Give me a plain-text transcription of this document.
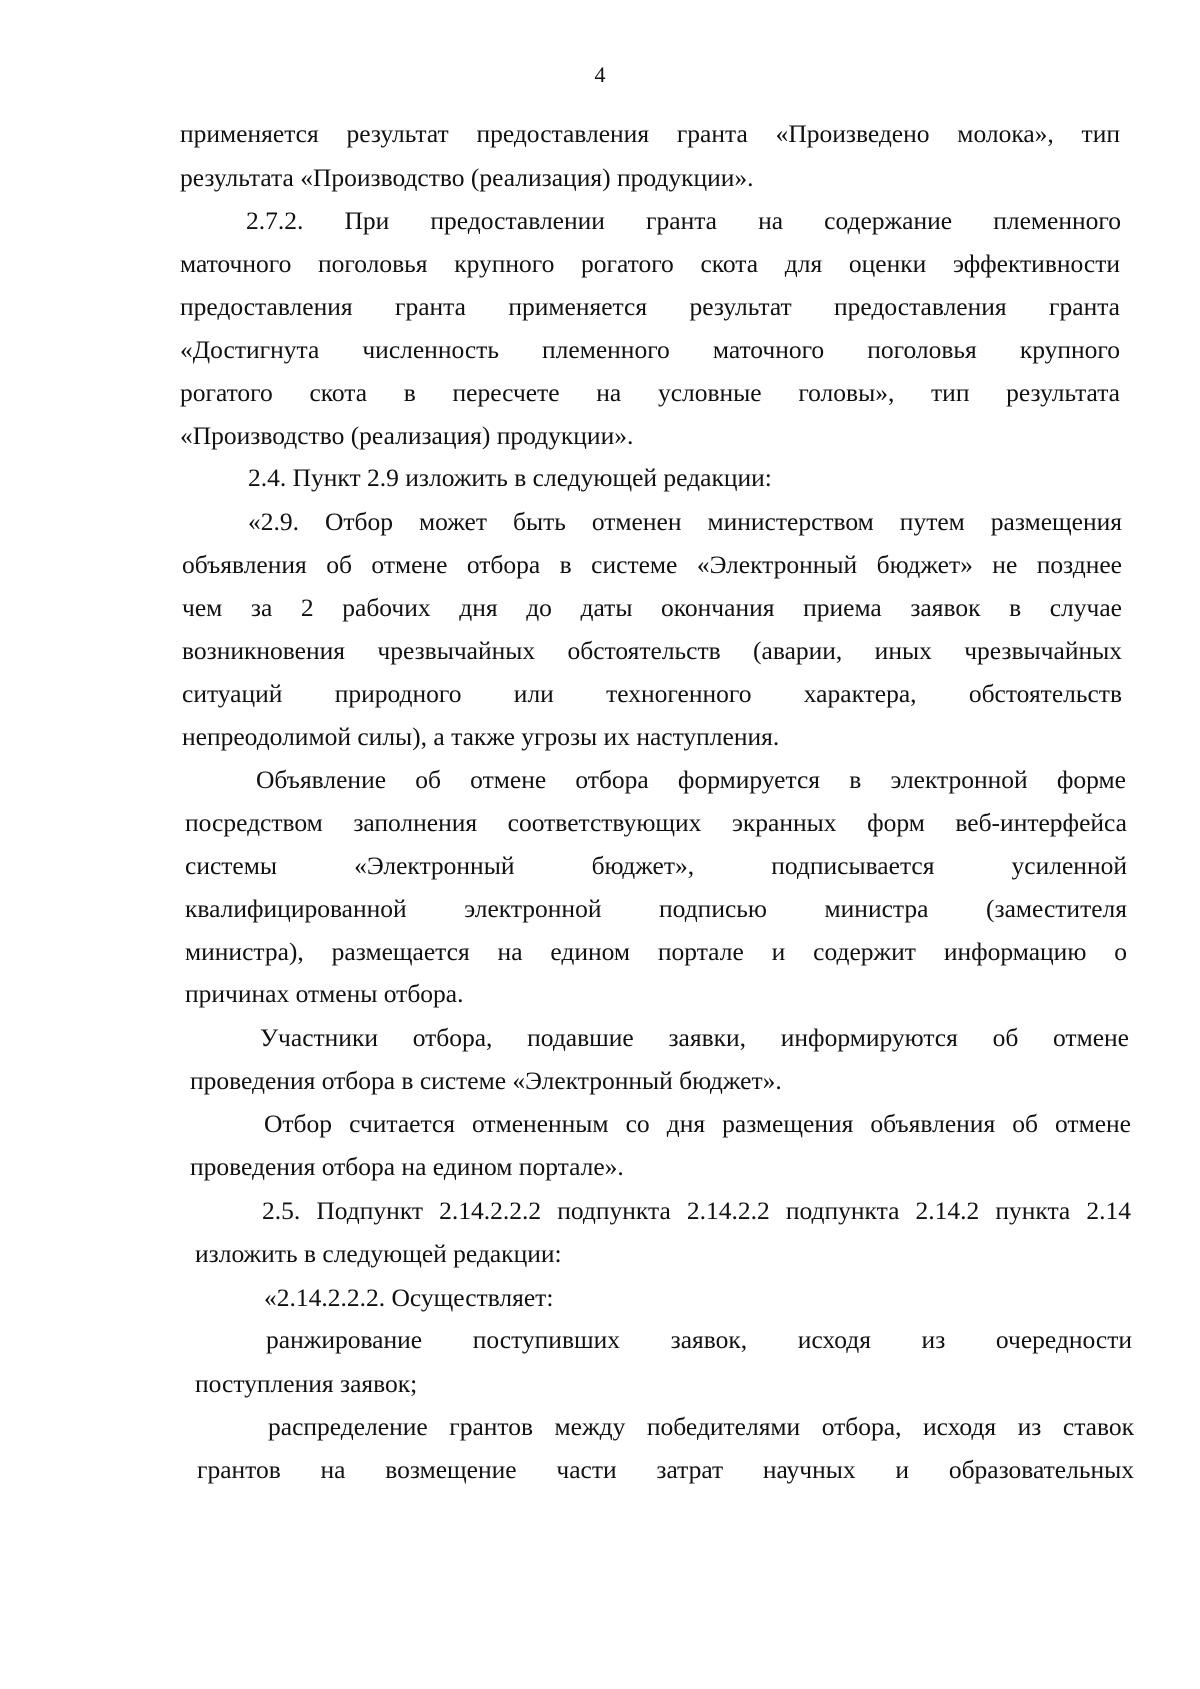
4
применяется результат предоставления гранта «Произведено молока», тип
результата «Производство (реализация) продукции».
2.7.2. При предоставлении гранта на содержание племенного
маточного поголовья крупного рогатого скота для оценки эффективности
предоставления гранта применяется результат предоставления гранта
«Достигнута численность племенного маточного поголовья крупного
рогатого скота в пересчете на условные головы», тип результата
«Производство (реализация) продукции».
2.4. Пункт 2.9 изложить в следующей редакции:
«2.9. Отбор может быть отменен министерством путем размещения
объявления об отмене отбора в системе «Электронный бюджет» не позднее
чем за 2 рабочих дня до даты окончания приема заявок в случае
возникновения чрезвычайных обстоятельств (аварии, иных чрезвычайных
ситуаций природного или техногенного характера, обстоятельств
непреодолимой силы), а также угрозы их наступления.
Объявление об отмене отбора формируется в электронной форме
посредством заполнения соответствующих экранных форм веб-интерфейса
системы «Электронный бюджет», подписывается усиленной
квалифицированной электронной подписью министра (заместителя
министра), размещается на едином портале и содержит информацию о
причинах отмены отбора.
Участники отбора, подавшие заявки, информируются об отмене
проведения отбора в системе «Электронный бюджет».
Отбор считается отмененным со дня размещения объявления об отмене
проведения отбора на едином портале».
2.5. Подпункт 2.14.2.2.2 подпункта 2.14.2.2 подпункта 2.14.2 пункта 2.14
изложить в следующей редакции:
«2.14.2.2.2. Осуществляет:
ранжирование поступивших заявок, исходя из очередности
поступления заявок;
распределение грантов между победителями отбора, исходя из ставок
грантов на возмещение части затрат научных и образовательных
